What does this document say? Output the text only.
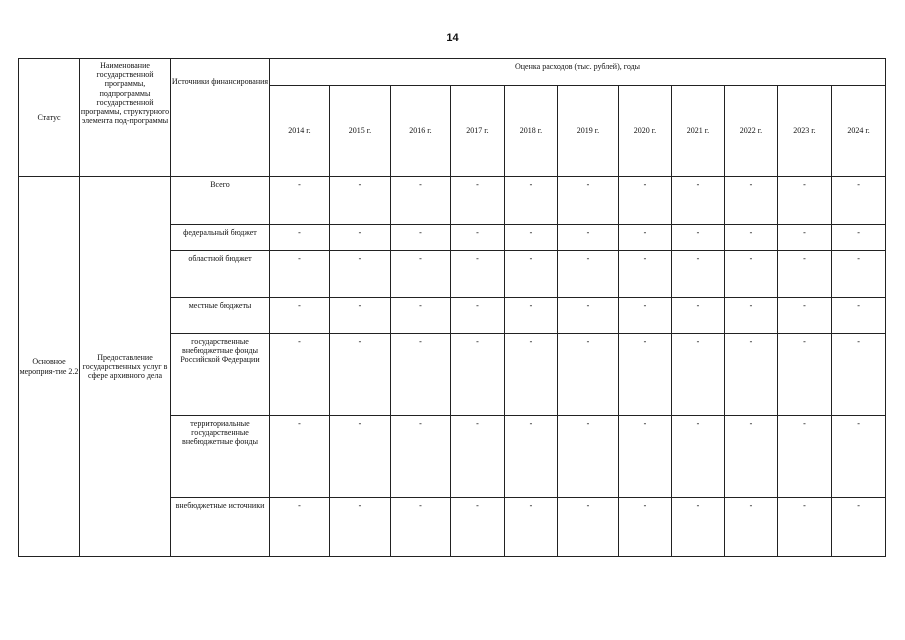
14
Статус	Наименование государственной программы, подпрограммы государственной программы, структурного элемента под-программы	Источники финансирования	Оценка расходов (тыс. рублей), годы										
			2014 г.	2015 г.	2016 г.	2017 г.	2018 г.	2019 г.	2020 г.	2021 г.	2022 г.	2023 г.	2024 г.
Основное мероприя-тие 2.2	Предоставление государственных услуг в сфере архивного дела	Всего	-	-	-	-	-	-	-	-	-	-	-
		федеральный бюджет	-	-	-	-	-	-	-	-	-	-	-
		областной бюджет	-	-	-	-	-	-	-	-	-	-	-
		местные бюджеты	-	-	-	-	-	-	-	-	-	-	-
		государственные внебюджетные фонды Российской Федерации	-	-	-	-	-	-	-	-	-	-	-
		территориальные государственные внебюджетные фонды	-	-	-	-	-	-	-	-	-	-	-
		внебюджетные источники	-	-	-	-	-	-	-	-	-	-	-
